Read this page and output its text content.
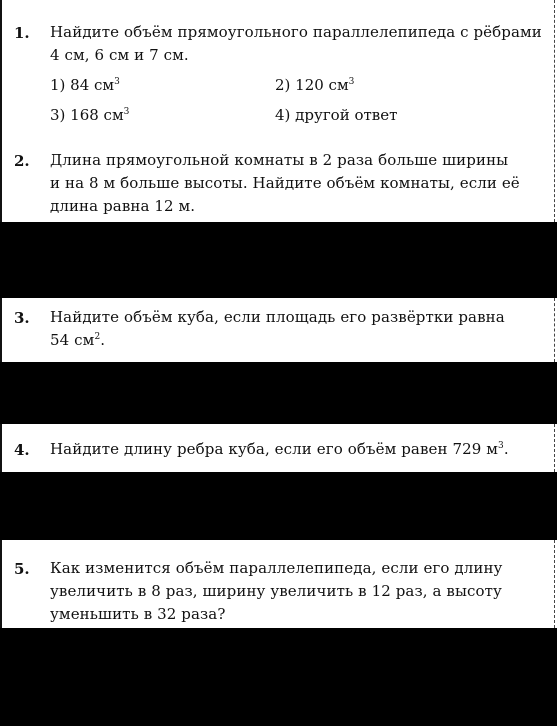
1. Найдите объём прямоугольного параллелепипеда с рёбрами
4 см, 6 см и 7 см.
1) 84 $см^3$	2) 120 $см^3$
3) 168 $см^3$	4) другой ответ
2. Длина прямоугольной комнаты в 2 раза больше ширины
и на 8 м больше высоты. Найдите объём комнаты, если её
длина равна 12 м.
3. Найдите объём куба, если площадь его развёртки равна
54 $см^2$.
4. Найдите длину ребра куба, если его объём равен 729 $м^3$.
5. Как изменится объём параллелепипеда, если его длину
увеличить в 8 раз, ширину увеличить в 12 раз, а высоту
уменьшить в 32 раза?
